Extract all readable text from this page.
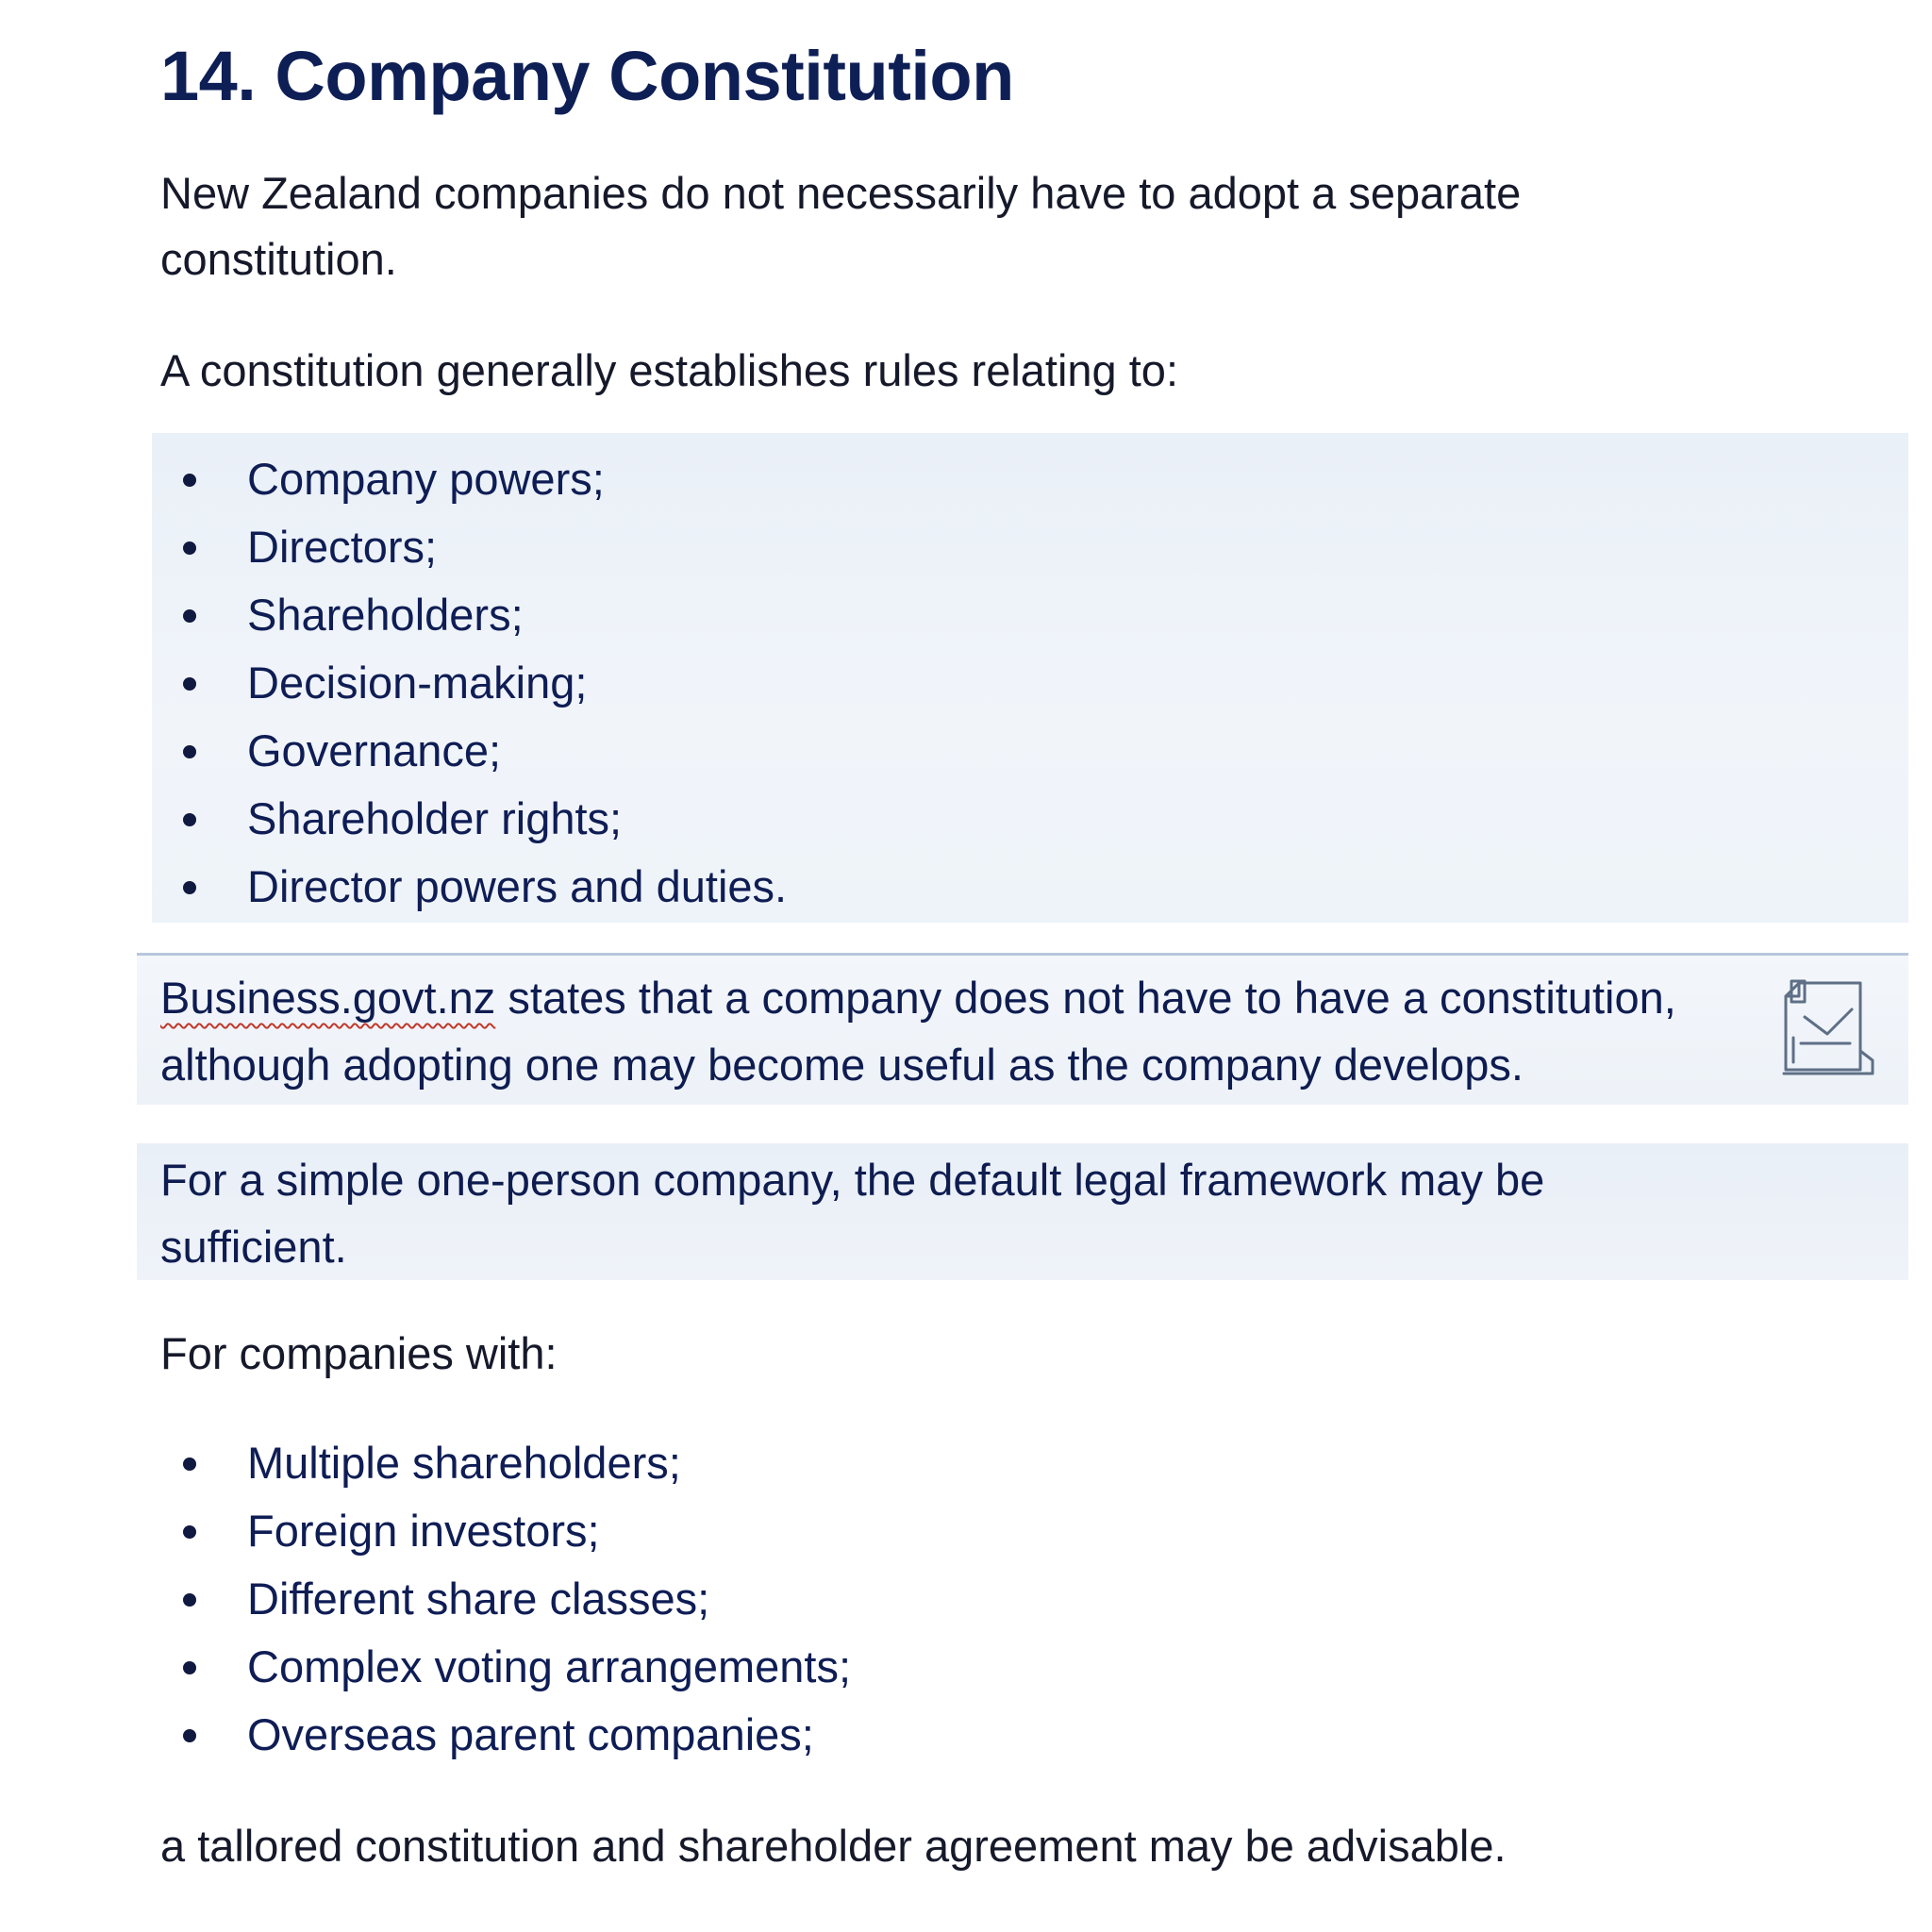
14. Company Constitution

New Zealand companies do not necessarily have to adopt a separate constitution.

A constitution generally establishes rules relating to:

Company powers;
Directors;
Shareholders;
Decision-making;
Governance;
Shareholder rights;
Director powers and duties.

Business.govt.nz states that a company does not have to have a constitution, although adopting one may become useful as the company develops.

For a simple one-person company, the default legal framework may be sufficient.

For companies with:

Multiple shareholders;
Foreign investors;
Different share classes;
Complex voting arrangements;
Overseas parent companies;

a tallored constitution and shareholder agreement may be advisable.
